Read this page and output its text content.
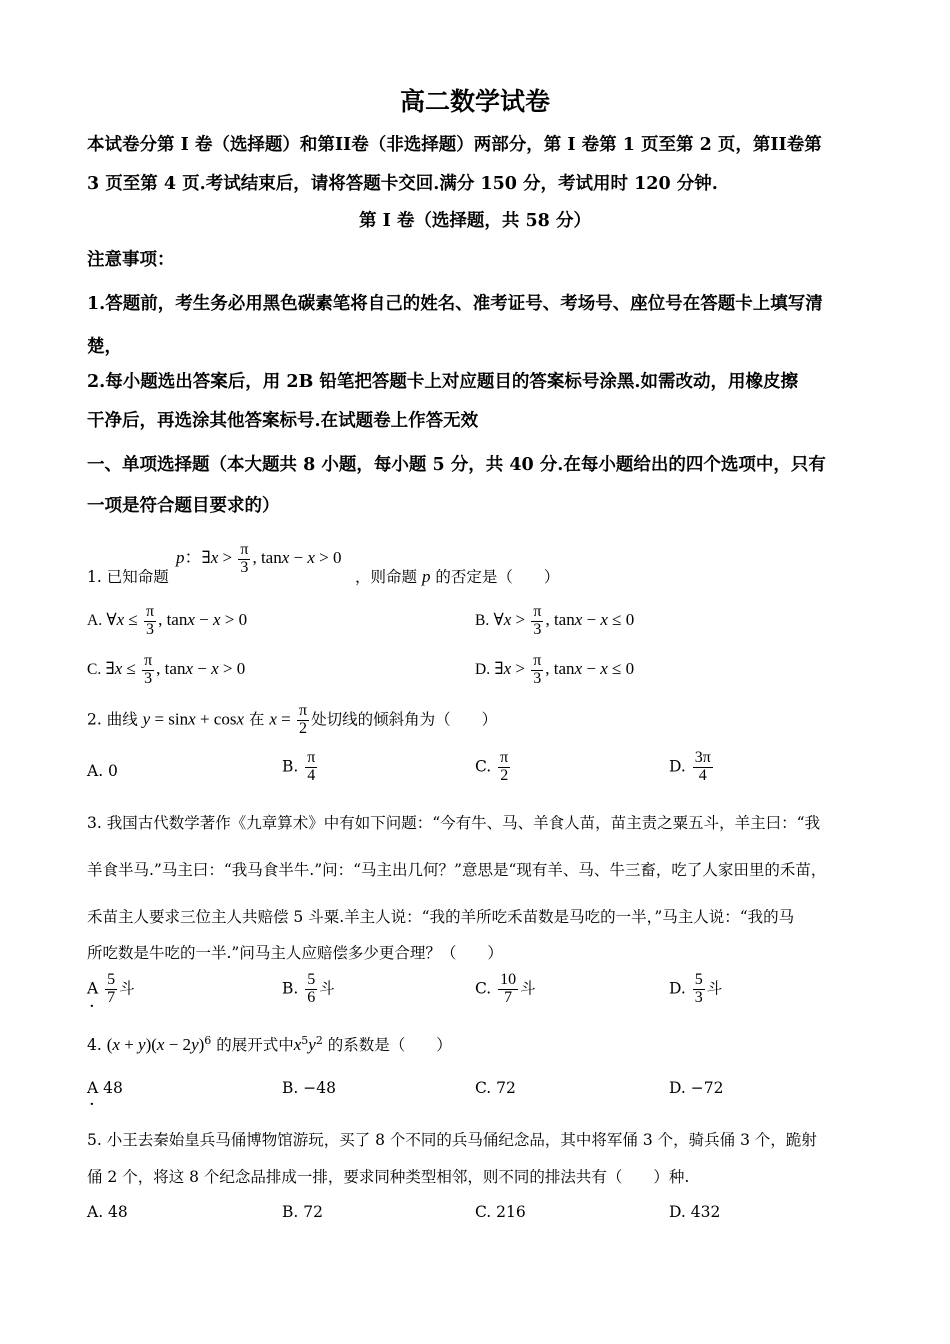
高二数学试卷
本试卷分第 I 卷（选择题）和第II卷（非选择题）两部分，第 I 卷第 1 页至第 2 页，第II卷第
3 页至第 4 页.考试结束后，请将答题卡交回.满分 150 分，考试用时 120 分钟.
第 I 卷（选择题，共 58 分）
注意事项：
1.答题前，考生务必用黑色碳素笔将自己的姓名、准考证号、考场号、座位号在答题卡上填写清
楚，
2.每小题选出答案后，用 2B 铅笔把答题卡上对应题目的答案标号涂黑.如需改动，用橡皮擦
干净后，再选涂其他答案标号.在试题卷上作答无效
一、单项选择题（本大题共 8 小题，每小题 5 分，共 40 分.在每小题给出的四个选项中，只有
一项是符合题目要求的）
1. 已知命题
p：∃x > $\frac{\pi}{3}$ , tanx − x > 0
，则命题 p 的否定是（　　）
A. ∀x ≤ $\frac{\pi}{3}$ , tanx − x > 0	B. ∀x > $\frac{\pi}{3}$ , tanx − x ≤ 0
C. ∃x ≤ $\frac{\pi}{3}$ , tanx − x > 0	D. ∃x > $\frac{\pi}{3}$ , tanx − x ≤ 0
2. 曲线 y = sinx + cosx 在 $x = \frac{\pi}{2}$ 处切线的倾斜角为（　　）
A. 0	B. $\frac{\pi}{4}$	C. $\frac{\pi}{2}$	D. $\frac{3\pi}{4}$
3. 我国古代数学著作《九章算术》中有如下问题：“今有牛、马、羊食人苗，苗主责之粟五斗，羊主曰：“我
羊食半马.”马主曰：“我马食半牛.”问：“马主出几何？”意思是“现有羊、马、牛三畜，吃了人家田里的禾苗，
禾苗主人要求三位主人共赔偿 5 斗粟.羊主人说：“我的羊所吃禾苗数是马吃的一半，”马主人说：“我的马
所吃数是牛吃的一半.”问马主人应赔偿多少更合理？（　　）
A $\frac{5}{7}$ 斗
·
B. $\frac{5}{6}$ 斗	C. $\frac{10}{7}$ 斗	D. $\frac{5}{3}$ 斗
4. $(x + y)(x - 2y)^6$ 的展开式中$x^5y^2$ 的系数是（　　）
A 48
·
B. −48	C. 72	D. −72
5. 小王去秦始皇兵马俑博物馆游玩，买了 8 个不同的兵马俑纪念品，其中将军俑 3 个，骑兵俑 3 个，跪射
俑 2 个，将这 8 个纪念品排成一排，要求同种类型相邻，则不同的排法共有（　　）种.
A. 48	B. 72	C. 216	D. 432
